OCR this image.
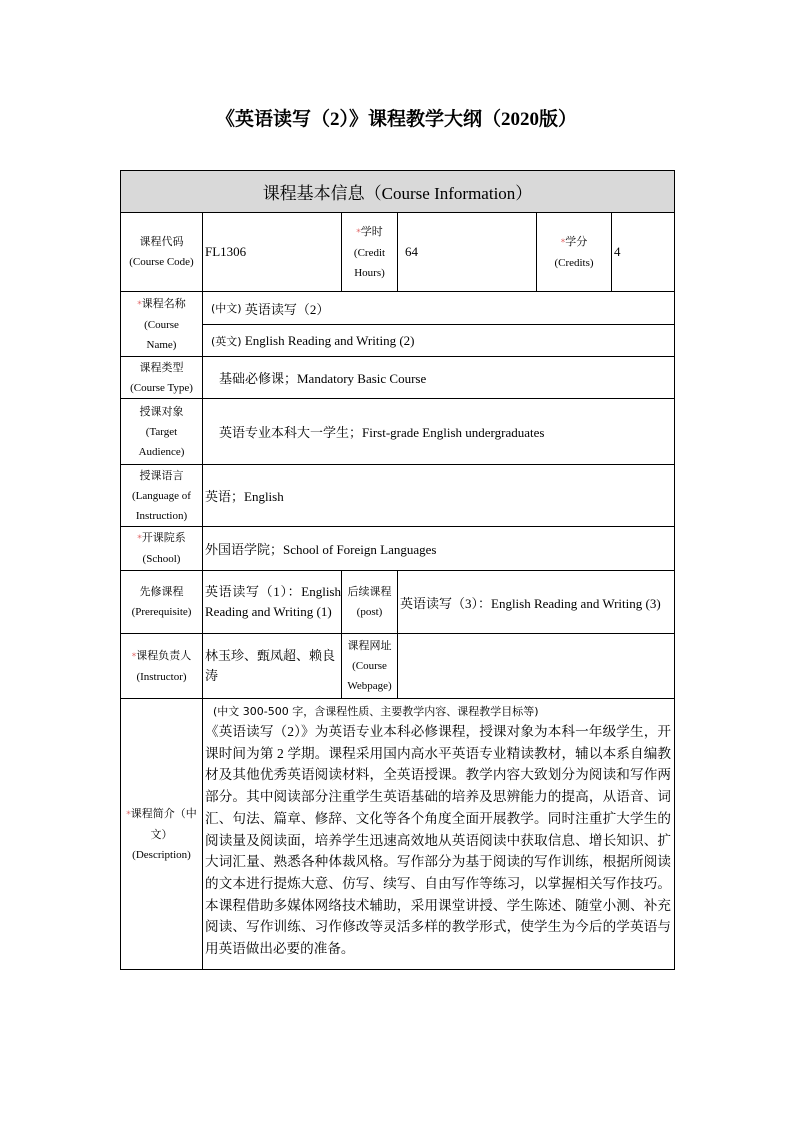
《英语读写（2）》课程教学大纲（2020版）
课程基本信息（Course Information）
课程代码
(Course Code)
FL1306
*学时
(Credit
Hours)
64
*学分
(Credits)
4
*课程名称
(Course
Name)
(中文)
英语读写（2）
(英文)
English Reading and Writing (2)
课程类型
(Course Type)
基础必修课；Mandatory Basic Course
授课对象
(Target
Audience)
英语专业本科大一学生；First-grade English undergraduates
授课语言
(Language of
Instruction)
英语；English
*开课院系
(School)
外国语学院；School of Foreign Languages
先修课程
(Prerequisite)
英语读写（1）：English Reading and Writing (1)
后续课程
(post)
英语读写（3）：English Reading and Writing (3)
*课程负责人
(Instructor)
林玉珍、甄凤超、赖良涛
课程网址
(Course
Webpage)
*课程简介（中
文）
(Description)
(中文 300-500 字，含课程性质、主要教学内容、课程教学目标等)
《英语读写（2）》为英语专业本科必修课程，授课对象为本科一年级学生，开课时间为第 2 学期。课程采用国内高水平英语专业精读教材，辅以本系自编教材及其他优秀英语阅读材料，全英语授课。教学内容大致划分为阅读和写作两部分。其中阅读部分注重学生英语基础的培养及思辨能力的提高，从语音、词汇、句法、篇章、修辞、文化等各个角度全面开展教学。同时注重扩大学生的阅读量及阅读面，培养学生迅速高效地从英语阅读中获取信息、增长知识、扩大词汇量、熟悉各种体裁风格。写作部分为基于阅读的写作训练，根据所阅读的文本进行提炼大意、仿写、续写、自由写作等练习，以掌握相关写作技巧。本课程借助多媒体网络技术辅助，采用课堂讲授、学生陈述、随堂小测、补充阅读、写作训练、习作修改等灵活多样的教学形式，使学生为今后的学英语与用英语做出必要的准备。
